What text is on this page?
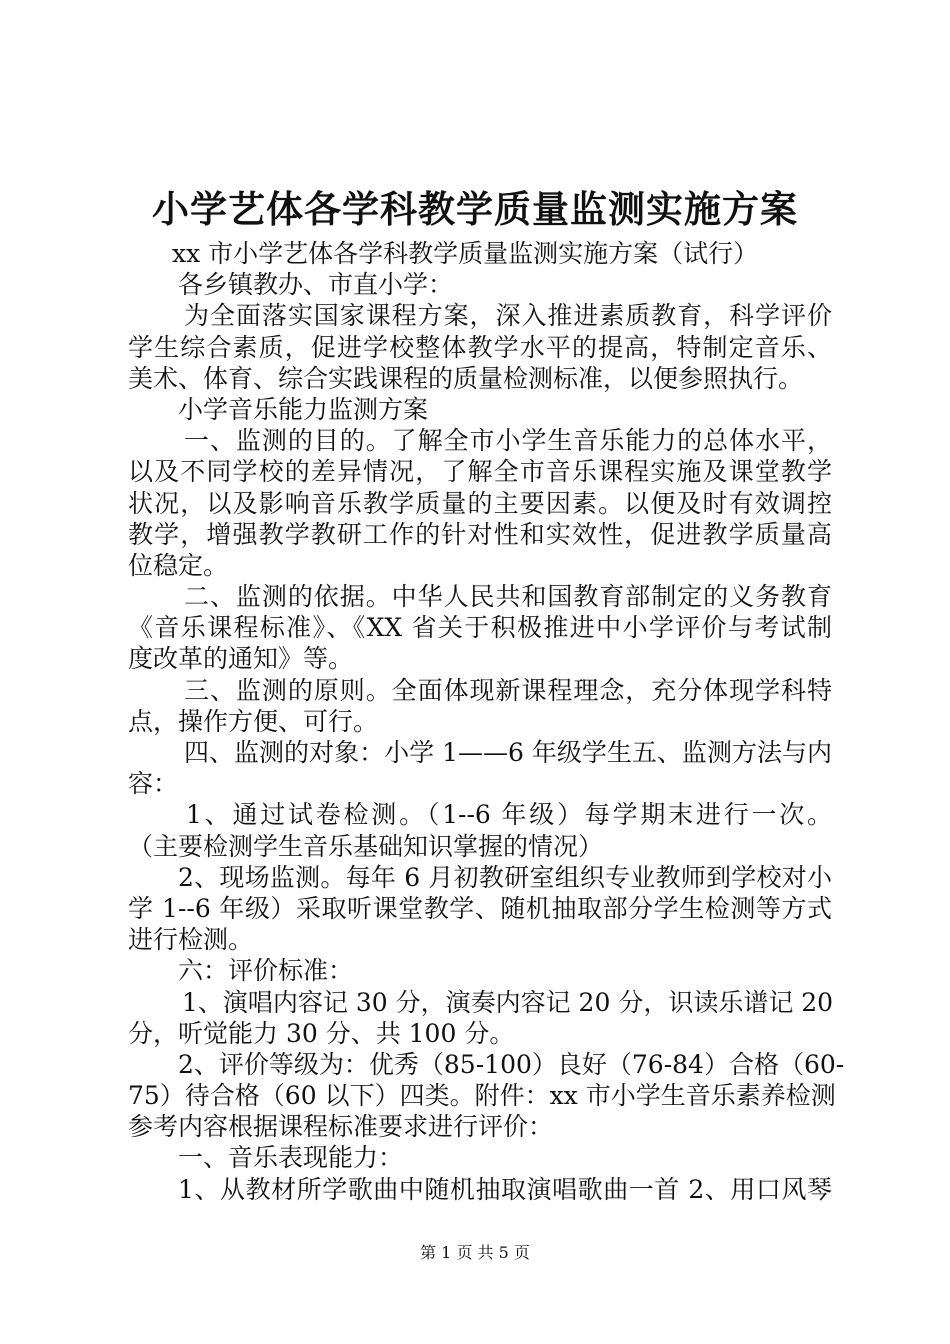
小学艺体各学科教学质量监测实施方案
xx 市小学艺体各学科教学质量监测实施方案（试行）
各乡镇教办、市直小学：
为全面落实国家课程方案，深入推进素质教育，科学评价
学生综合素质，促进学校整体教学水平的提高，特制定音乐、
美术、体育、综合实践课程的质量检测标准，以便参照执行。
小学音乐能力监测方案
一、监测的目的。了解全市小学生音乐能力的总体水平，
以及不同学校的差异情况，了解全市音乐课程实施及课堂教学
状况，以及影响音乐教学质量的主要因素。以便及时有效调控
教学，增强教学教研工作的针对性和实效性，促进教学质量高
位稳定。
二、监测的依据。中华人民共和国教育部制定的义务教育
《音乐课程标准》、《XX 省关于积极推进中小学评价与考试制
度改革的通知》等。
三、监测的原则。全面体现新课程理念，充分体现学科特
点，操作方便、可行。
四、监测的对象：小学 1——6 年级学生五、监测方法与内
容：
1、通过试卷检测。（1--6 年级）每学期末进行一次。
（主要检测学生音乐基础知识掌握的情况）
2、现场监测。每年 6 月初教研室组织专业教师到学校对小
学 1--6 年级）采取听课堂教学、随机抽取部分学生检测等方式
进行检测。
六：评价标准：
1、演唱内容记 30 分，演奏内容记 20 分，识读乐谱记 20
分，听觉能力 30 分、共 100 分。
2、评价等级为：优秀（85-100）良好（76-84）合格（60-
75）待合格（60 以下）四类。附件：xx 市小学生音乐素养检测
参考内容根据课程标准要求进行评价：
一、音乐表现能力：
1、从教材所学歌曲中随机抽取演唱歌曲一首 2、用口风琴
第 1 页 共 5 页
